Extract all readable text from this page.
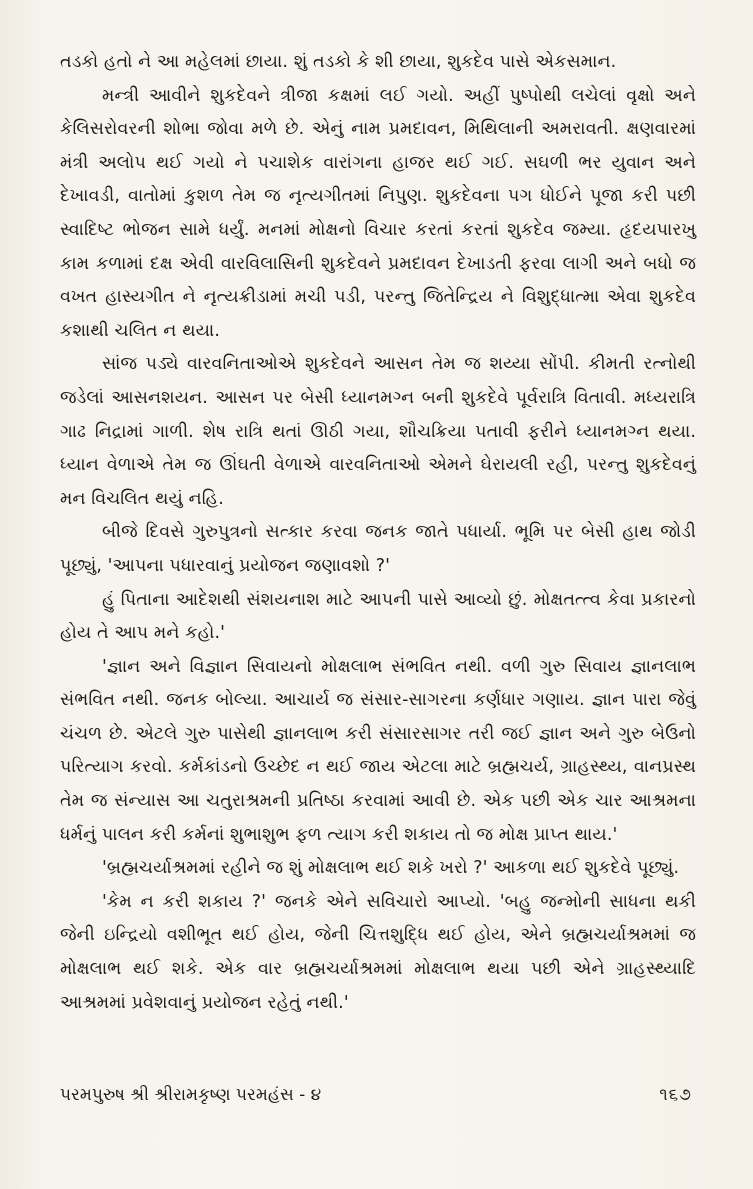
તડકો હતો ને આ મહેલમાં છાયા. શું તડકો કે શી છાયા, શુકદેવ પાસે એકસમાન.

મન્ત્રી આવીને શુકદેવને ત્રીજા કક્ષમાં લઈ ગયો. અહીં પુષ્પોથી લચેલાં વૃક્ષો અને કેલિસરોવરની શોભા જોવા મળે છે. એનું નામ પ્રમદાવન, મિથિલાની અમરાવતી. ક્ષણવારમાં મંત્રી અલોપ થઈ ગયો ને પચાશેક વારાંગના હાજર થઈ ગઈ. સઘળી ભર યુવાન અને દેખાવડી, વાતોમાં કુશળ તેમ જ નૃત્યગીતમાં નિપુણ. શુકદેવના પગ ધોઈને પૂજા કરી પછી સ્વાદિષ્ટ ભોજન સામે ધર્યું. મનમાં મોક્ષનો વિચાર કરતાં કરતાં શુકદેવ જમ્યા. હૃદયપારખુ કામ કળામાં દક્ષ એવી વારવિલાસિની શુકદેવને પ્રમદાવન દેખાડતી ફરવા લાગી અને બધો જ વખત હાસ્યગીત ને નૃત્યક્રીડામાં મચી પડી, પરન્તુ જિતેન્દ્રિય ને વિશુદ્ધાત્મા એવા શુકદેવ કશાથી ચલિત ન થયા.

સાંજ પડ્યે વારવનિતાઓએ શુકદેવને આસન તેમ જ શય્યા સોંપી. કીમતી રત્નોથી જડેલાં આસનશયન. આસન પર બેસી ધ્યાનમગ્ન બની શુકદેવે પૂર્વરાત્રિ વિતાવી. મધ્યરાત્રિ ગાઢ નિદ્રામાં ગાળી. શેષ રાત્રિ થતાં ઊઠી ગયા, શૌચક્રિયા પતાવી ફરીને ધ્યાનમગ્ન થયા. ધ્યાન વેળાએ તેમ જ ઊંઘતી વેળાએ વારવનિતાઓ એમને ઘેરાયલી રહી, પરન્તુ શુકદેવનું મન વિચલિત થયું નહિ.

બીજે દિવસે ગુરુપુત્રનો સત્કાર કરવા જનક જાતે પધાર્યા. ભૂમિ પર બેસી હાથ જોડી પૂછ્યું, 'આપના પધારવાનું પ્રયોજન જણાવશો ?'

હું પિતાના આદેશથી સંશયનાશ માટે આપની પાસે આવ્યો છું. મોક્ષતત્ત્વ કેવા પ્રકારનો હોય તે આપ મને કહો.'

'જ્ઞાન અને વિજ્ઞાન સિવાયનો મોક્ષલાભ સંભવિત નથી. વળી ગુરુ સિવાય જ્ઞાનલાભ સંભવિત નથી. જનક બોલ્યા. આચાર્ય જ સંસાર-સાગરના કર્ણધાર ગણાય. જ્ઞાન પારા જેવું ચંચળ છે. એટલે ગુરુ પાસેથી જ્ઞાનલાભ કરી સંસારસાગર તરી જઈ જ્ઞાન અને ગુરુ બેઉનો પરિત્યાગ કરવો. કર્મકાંડનો ઉચ્છેદ ન થઈ જાય એટલા માટે બ્રહ્મચર્ય, ગ્રાહસ્થ્ય, વાનપ્રસ્થ તેમ જ સંન્યાસ આ ચતુરાશ્રમની પ્રતિષ્ઠા કરવામાં આવી છે. એક પછી એક ચાર આશ્રમના ધર્મનું પાલન કરી કર્મનાં શુભાશુભ ફળ ત્યાગ કરી શકાય તો જ મોક્ષ પ્રાપ્ત થાય.'

'બ્રહ્મચર્યાશ્રમમાં રહીને જ શું મોક્ષલાભ થઈ શકે ખરો ?' આકળા થઈ શુકદેવે પૂછ્યું.

'કેમ ન કરી શકાય ?' જનકે એને સવિચારો આપ્યો. 'બહુ જન્મોની સાધના થકી જેની ઇન્દ્રિયો વશીભૂત થઈ હોય, જેની ચિત્તશુદ્ધિ થઈ હોય, એને બ્રહ્મચર્યાશ્રમમાં જ મોક્ષલાભ થઈ શકે. એક વાર બ્રહ્મચર્યાશ્રમમાં મોક્ષલાભ થયા પછી એને ગ્રાહસ્થ્યાદિ આશ્રમમાં પ્રવેશવાનું પ્રયોજન રહેતું નથી.'

પરમપુરુષ શ્રી શ્રીરામકૃષ્ણ પરમહંસ - ૪	૧૬૭
